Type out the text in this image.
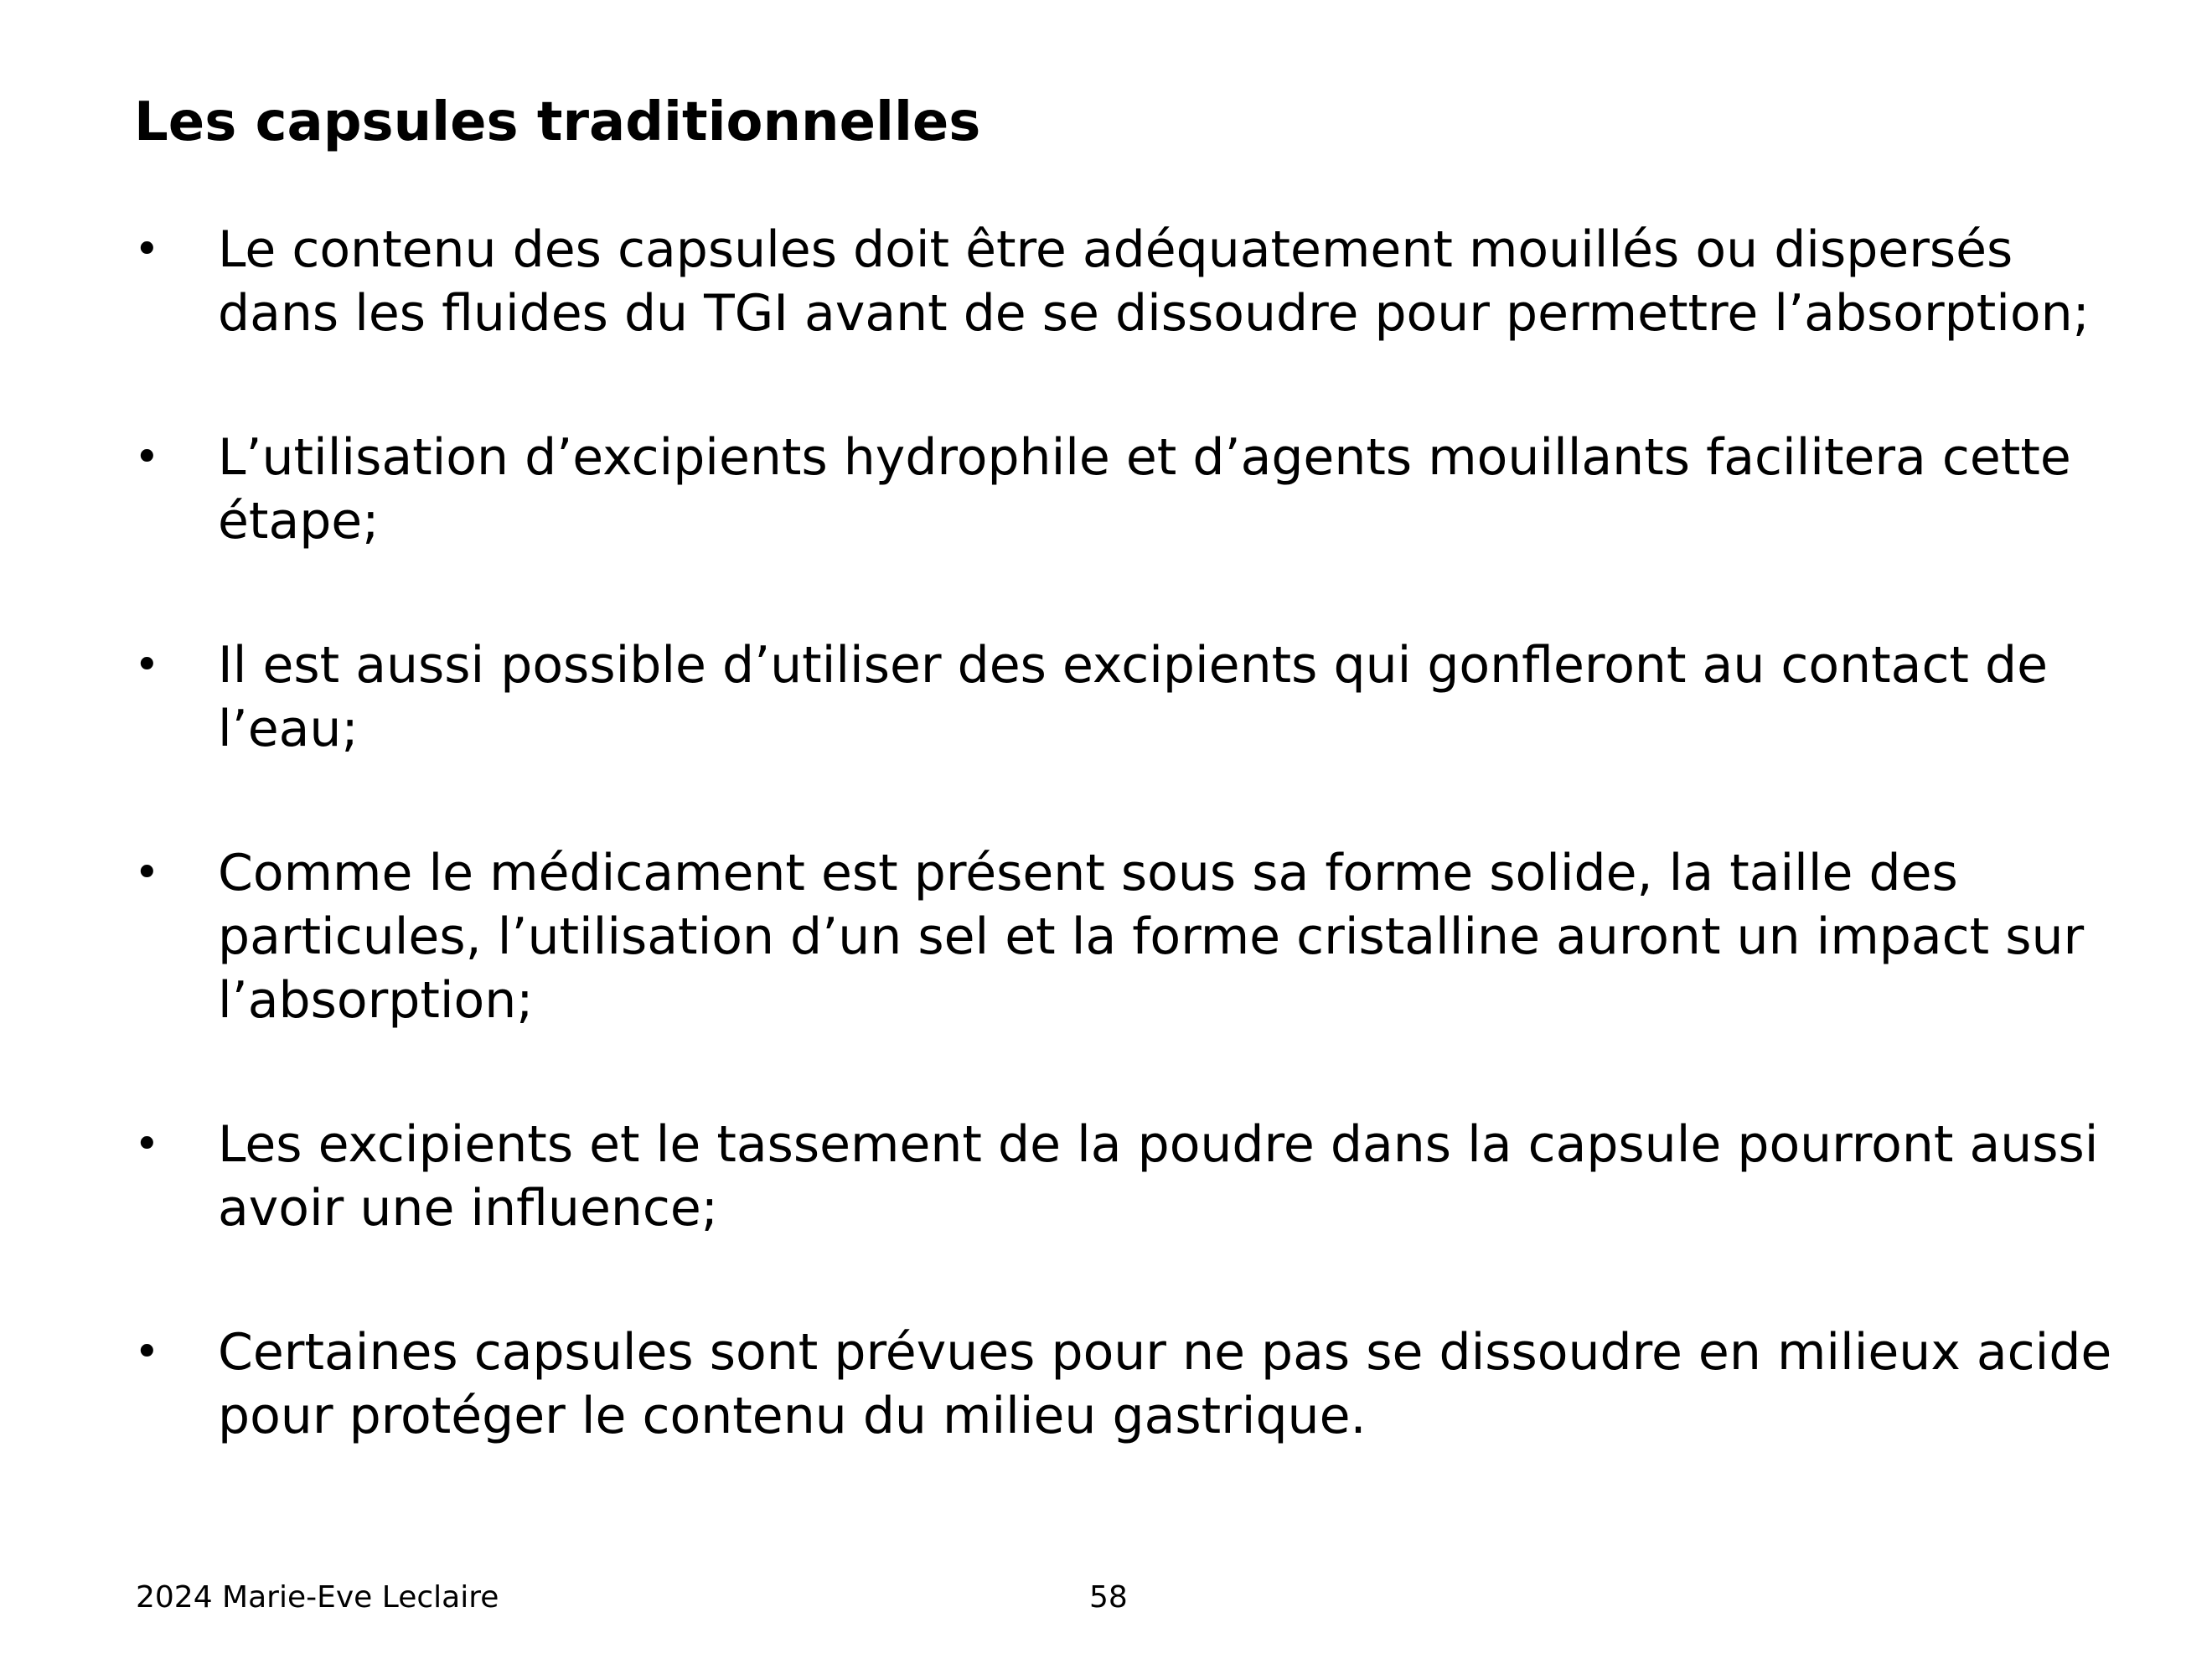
Les capsules traditionnelles
• Le contenu des capsules doit être adéquatement mouillés ou dispersés dans les fluides du TGI avant de se dissoudre pour permettre l’absorption;
• L’utilisation d’excipients hydrophile et d’agents mouillants facilitera cette étape;
• Il est aussi possible d’utiliser des excipients qui gonfleront au contact de l’eau;
• Comme le médicament est présent sous sa forme solide, la taille des particules, l’utilisation d’un sel et la forme cristalline auront un impact sur l’absorption;
• Les excipients et le tassement de la poudre dans la capsule pourront aussi avoir une influence;
• Certaines capsules sont prévues pour ne pas se dissoudre en milieux acide pour protéger le contenu du milieu gastrique.
2024 Marie-Eve Leclaire	58
